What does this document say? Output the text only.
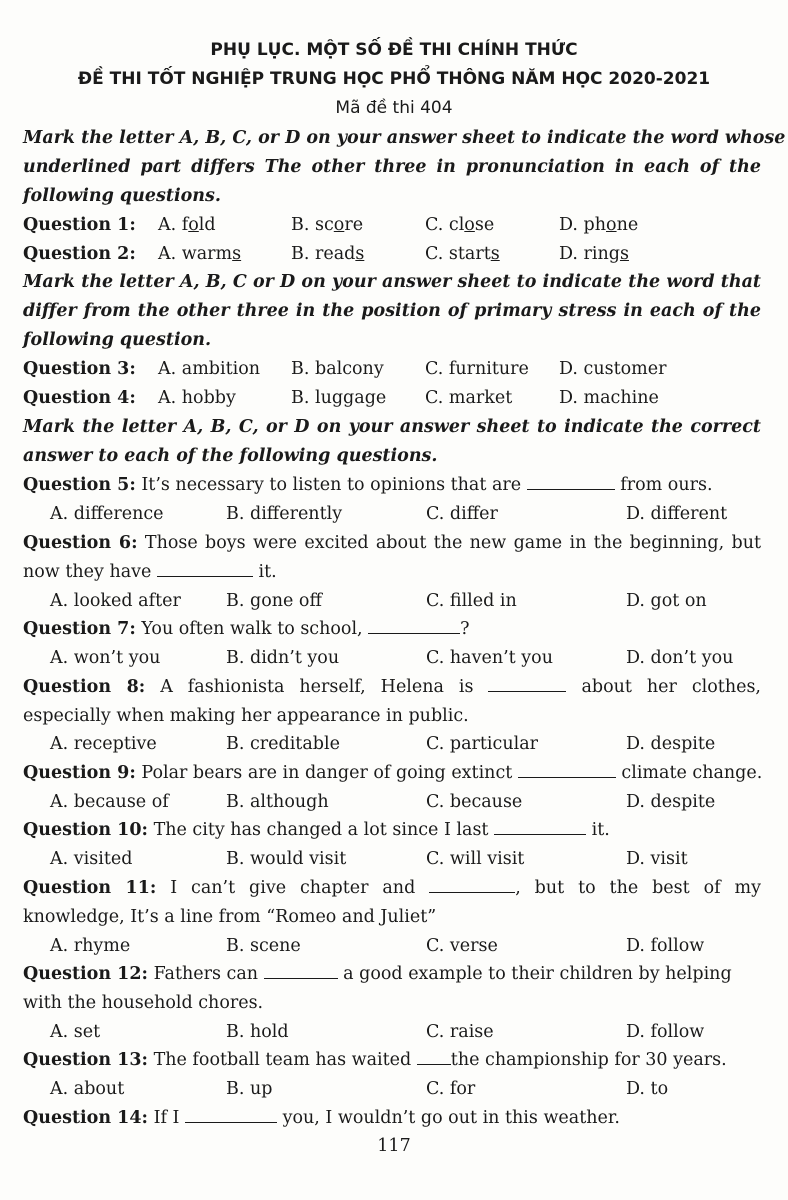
PHỤ LỤC. MỘT SỐ ĐỀ THI CHÍNH THỨC
ĐỀ THI TỐT NGHIỆP TRUNG HỌC PHỔ THÔNG NĂM HỌC 2020-2021
Mã đề thi 404
Mark the letter A, B, C, or D on your answer sheet to indicate the word whose
underlined part differs The other three in pronunciation in each of the
following questions.
Question 1:	A. fold	B. score	C. close	D. phone
Question 2:	A. warms	B. reads	C. starts	D. rings
Mark the letter A, B, C or D on your answer sheet to indicate the word that
differ from the other three in the position of primary stress in each of the
following question.
Question 3:	A. ambition B. balcony C. furniture D. customer
Question 4:	A. hobby	B. luggage C. market	D. machine
Mark the letter A, B, C, or D on your answer sheet to indicate the correct
answer to each of the following questions.
Question 5: It’s necessary to listen to opinions that are	from ours.
A. difference	B. differently	C. differ	D. different
Question 6: Those boys were excited about the new game in the beginning, but
now they have	it.
A. looked after	B. gone off	C. filled in	D. got on
Question 7: You often walk to school,	?
A. won’t you	B. didn’t you	C. haven’t you	D. don’t you
Question 8: A fashionista herself, Helena is	about her clothes,
especially when making her appearance in public.
A. receptive	B. creditable	C. particular	D. despite
Question 9: Polar bears are in danger of going extinct	climate change.
A. because of	B. although	C. because	D. despite
Question 10: The city has changed a lot since I last	it.
A. visited	B. would visit	C. will visit	D. visit
Question 11: I can’t give chapter and	, but to the best of my
knowledge, It’s a line from “Romeo and Juliet”
A. rhyme	B. scene	C. verse	D. follow
Question 12: Fathers can	a good example to their children by helping
with the household chores.
A. set	B. hold	C. raise	D. follow
Question 13: The football team has waited the championship for 30 years.
A. about	B. up	C. for	D. to
Question 14: If I	you, I wouldn’t go out in this weather.
117
